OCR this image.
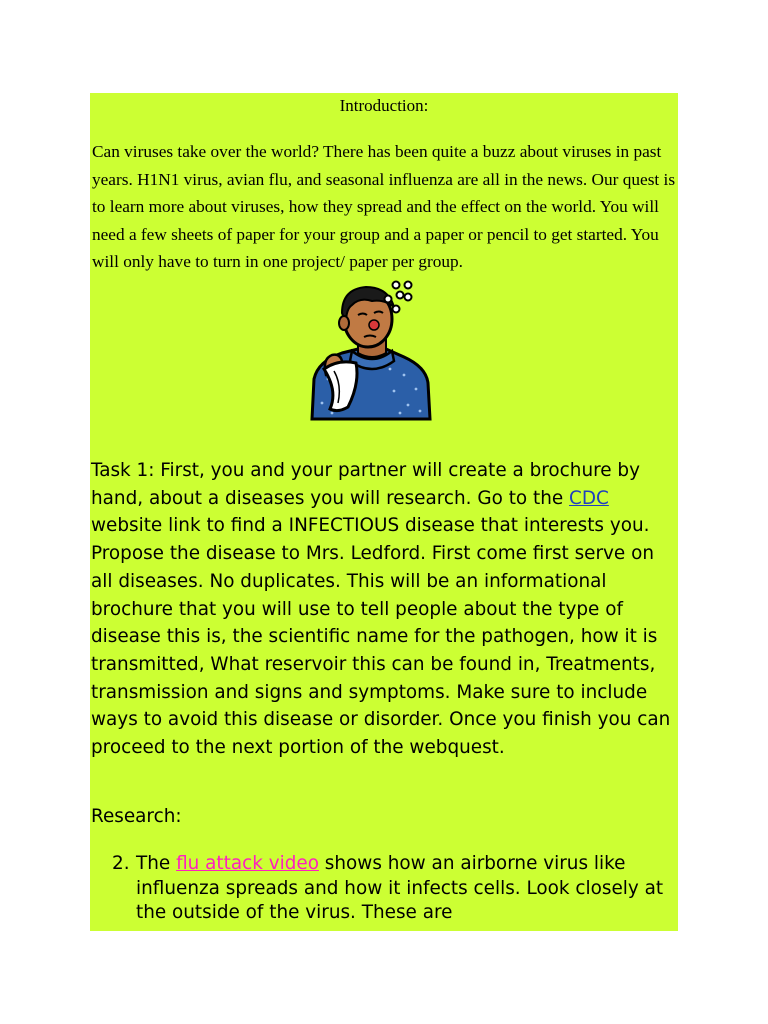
Introduction:

Can viruses take over the world? There has been quite a buzz about viruses in past years. H1N1 virus, avian flu, and seasonal influenza are all in the news. Our quest is to learn more about viruses, how they spread and the effect on the world. You will need a few sheets of paper for your group and a paper or pencil to get started. You will only have to turn in one project/ paper per group.

Task 1: First, you and your partner will create a brochure by hand, about a diseases you will research. Go to the CDC website link to find a INFECTIOUS disease that interests you. Propose the disease to Mrs. Ledford. First come first serve on all diseases. No duplicates. This will be an informational brochure that you will use to tell people about the type of disease this is, the scientific name for the pathogen, how it is transmitted, What reservoir this can be found in, Treatments, transmission and signs and symptoms. Make sure to include ways to avoid this disease or disorder. Once you finish you can proceed to the next portion of the webquest.

Research:

2. The flu attack video shows how an airborne virus like influenza spreads and how it infects cells. Look closely at the outside of the virus. These are
